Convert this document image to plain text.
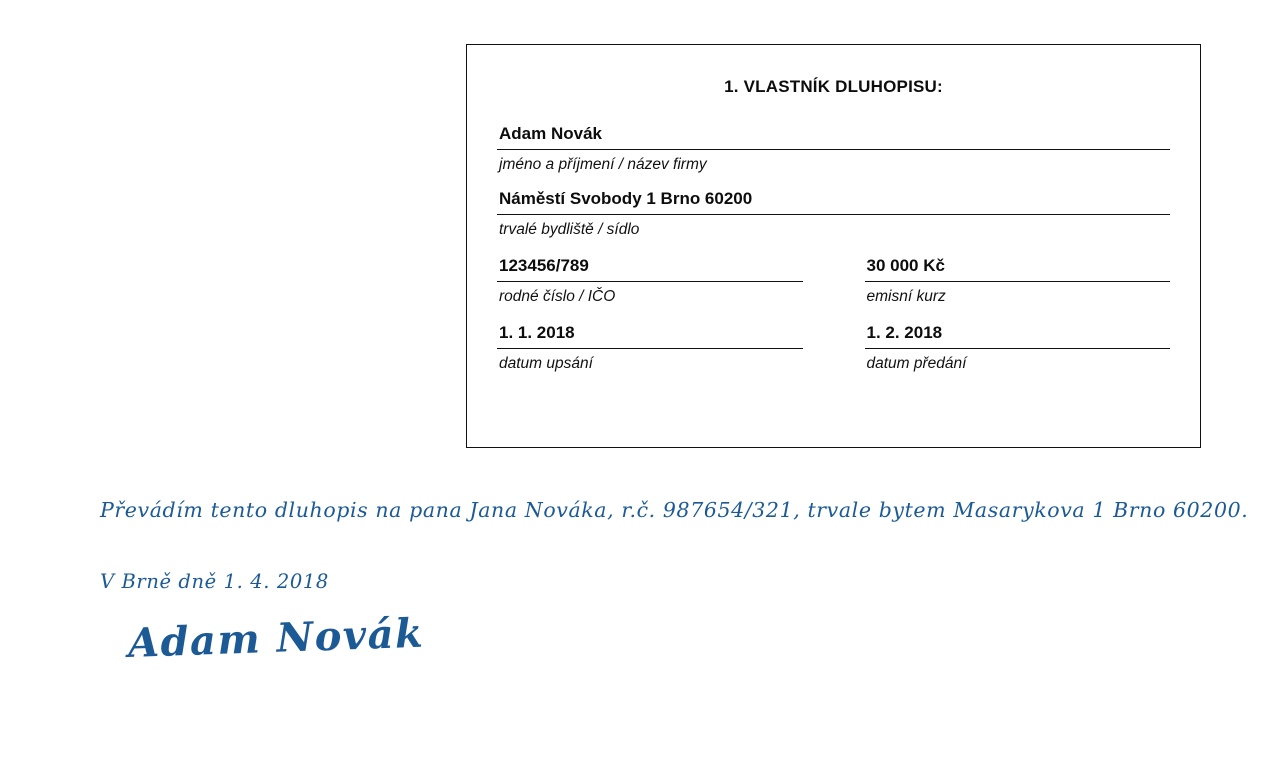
1. VLASTNÍK DLUHOPISU:
Adam Novák
jméno a příjmení / název firmy
Náměstí Svobody 1 Brno 60200
trvalé bydliště / sídlo
123456/789
rodné číslo / IČO
30 000 Kč
emisní kurz
1. 1. 2018
datum upsání
1. 2. 2018
datum předání
Převádím tento dluhopis na pana Jana Nováka, r.č. 987654/321, trvale bytem Masarykova 1 Brno 60200.
V Brně dně 1. 4. 2018
Adam Novák
